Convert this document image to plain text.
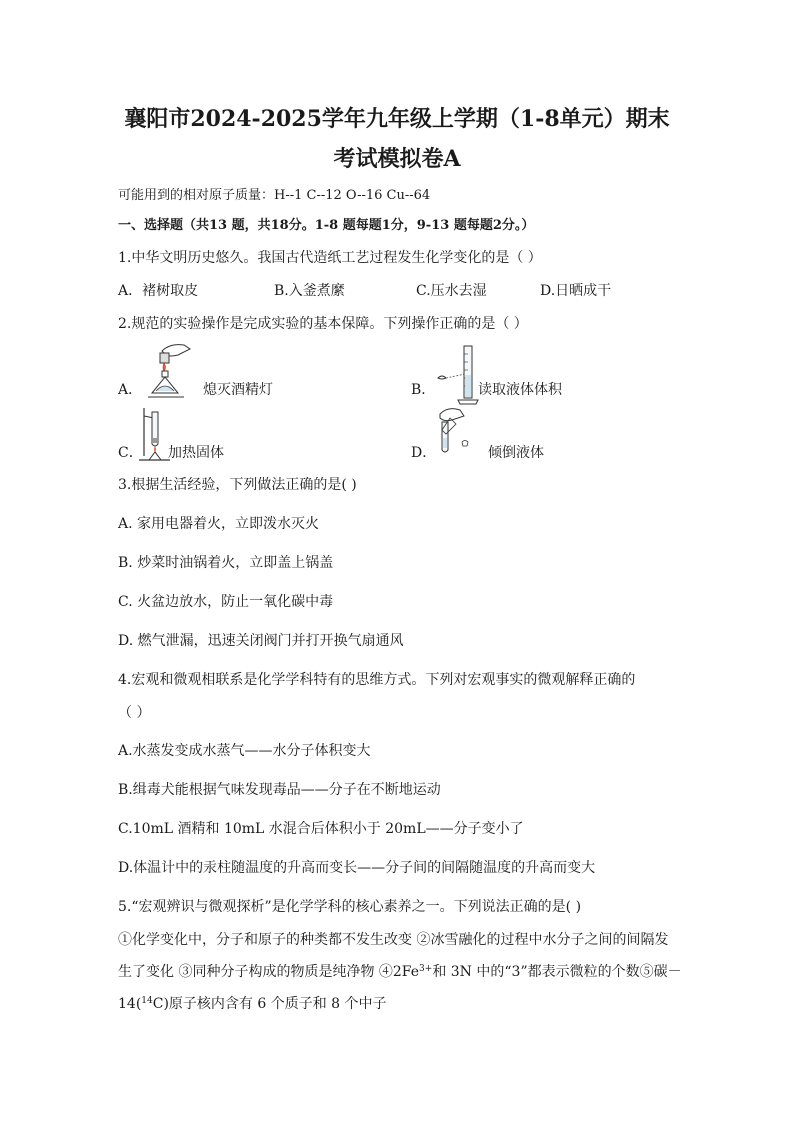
襄阳市2024-2025学年九年级上学期（1-8单元）期末
考试模拟卷A
可能用到的相对原子质量：H--1 C--12 O--16 Cu--64
一、选择题（共13 题，共18分。1-8 题每题1分，9-13 题每题2分。）
1.中华文明历史悠久。我国古代造纸工艺过程发生化学变化的是（ ）
A．褚树取皮	B.入釜煮縻	C.压水去湿	D.日晒成干
2.规范的实验操作是完成实验的基本保障。下列操作正确的是（ ）
A．	熄灭酒精灯	B．	读取液体体积
C． 加热固体	D．	倾倒液体
3.根据生活经验，下列做法正确的是( )
A. 家用电器着火，立即泼水灭火
B. 炒菜时油锅着火，立即盖上锅盖
C. 火盆边放水，防止一氧化碳中毒
D. 燃气泄漏，迅速关闭阀门并打开换气扇通风
4.宏观和微观相联系是化学学科特有的思维方式。下列对宏观事实的微观解释正确的
（ ）
A.水蒸发变成水蒸气——水分子体积变大
B.缉毒犬能根据气味发现毒品——分子在不断地运动
C.10mL 酒精和 10mL 水混合后体积小于 20mL——分子变小了
D.体温计中的汞柱随温度的升高而变长——分子间的间隔随温度的升高而变大
5.“宏观辨识与微观探析”是化学学科的核心素养之一。下列说法正确的是( )
①化学变化中，分子和原子的种类都不发生改变 ②冰雪融化的过程中水分子之间的间隔发
生了变化 ③同种分子构成的物质是纯净物 $④2Fe^{3+}$和 3N 中的“3”都表示微粒的个数⑤碳－
14($^{14}$C)原子核内含有 6 个质子和 8 个中子
